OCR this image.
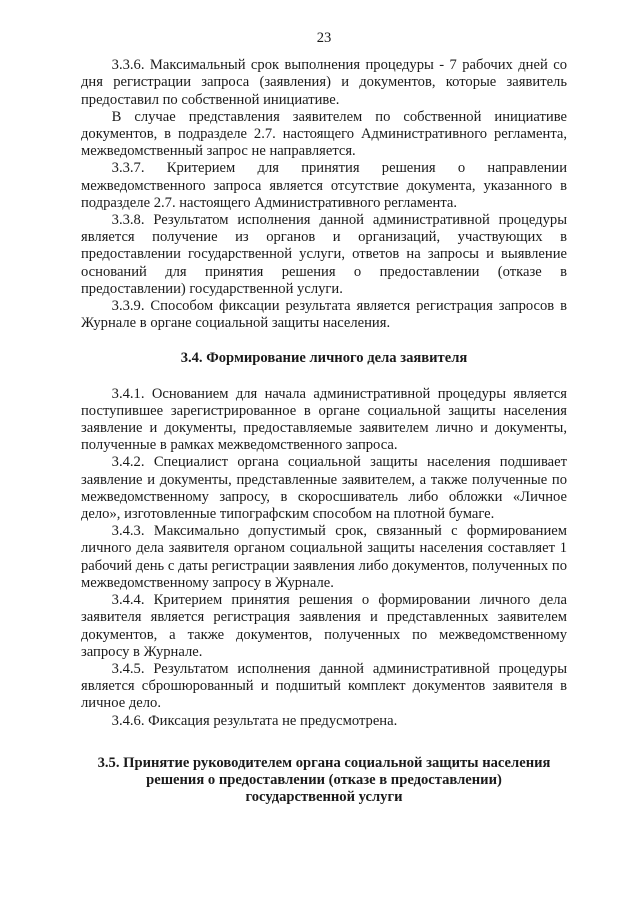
23

3.3.6. Максимальный срок выполнения процедуры - 7 рабочих дней со дня регистрации запроса (заявления) и документов, которые заявитель предоставил по собственной инициативе.

В случае представления заявителем по собственной инициативе документов, в подразделе 2.7. настоящего Административного регламента, межведомственный запрос не направляется.

3.3.7. Критерием для принятия решения о направлении межведомственного запроса является отсутствие документа, указанного в подразделе 2.7. настоящего Административного регламента.

3.3.8. Результатом исполнения данной административной процедуры является получение из органов и организаций, участвующих в предоставлении государственной услуги, ответов на запросы и выявление оснований для принятия решения о предоставлении (отказе в предоставлении) государственной услуги.

3.3.9. Способом фиксации результата является регистрация запросов в Журнале в органе социальной защиты населения.

3.4. Формирование личного дела заявителя

3.4.1. Основанием для начала административной процедуры является поступившее зарегистрированное в органе социальной защиты населения заявление и документы, предоставляемые заявителем лично и документы, полученные в рамках межведомственного запроса.

3.4.2. Специалист органа социальной защиты населения подшивает заявление и документы, представленные заявителем, а также полученные по межведомственному запросу, в скоросшиватель либо обложки «Личное дело», изготовленные типографским способом на плотной бумаге.

3.4.3. Максимально допустимый срок, связанный с формированием личного дела заявителя органом социальной защиты населения составляет 1 рабочий день с даты регистрации заявления либо документов, полученных по межведомственному запросу в Журнале.

3.4.4. Критерием принятия решения о формировании личного дела заявителя является регистрация заявления и представленных заявителем документов, а также документов, полученных по межведомственному запросу в Журнале.

3.4.5. Результатом исполнения данной административной процедуры является сброшюрованный и подшитый комплект документов заявителя в личное дело.

3.4.6. Фиксация результата не предусмотрена.

3.5. Принятие руководителем органа социальной защиты населения решения о предоставлении (отказе в предоставлении) государственной услуги
